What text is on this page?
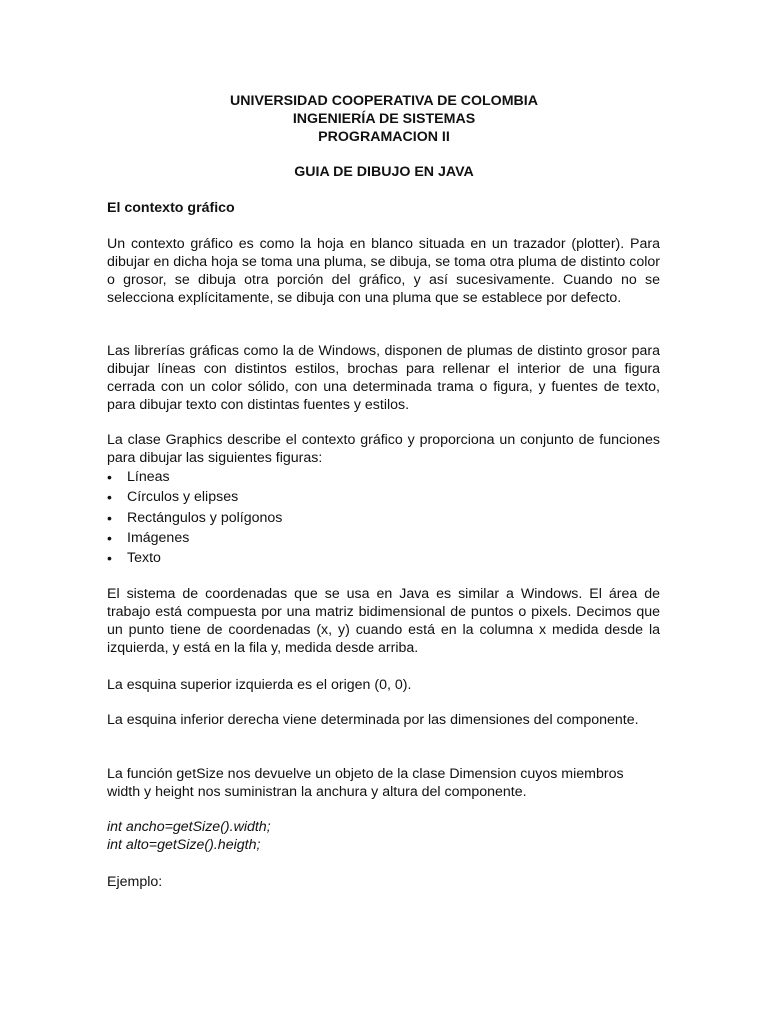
UNIVERSIDAD COOPERATIVA DE COLOMBIA
INGENIERÍA DE SISTEMAS
PROGRAMACION II
GUIA DE DIBUJO EN JAVA
El contexto gráfico

Un contexto gráfico es como la hoja en blanco situada en un trazador (plotter). Para dibujar en dicha hoja se toma una pluma, se dibuja, se toma otra pluma de distinto color o grosor, se dibuja otra porción del gráfico, y así sucesivamente. Cuando no se selecciona explícitamente, se dibuja con una pluma que se establece por defecto.

Las librerías gráficas como la de Windows, disponen de plumas de distinto grosor para dibujar líneas con distintos estilos, brochas para rellenar el interior de una figura cerrada con un color sólido, con una determinada trama o figura, y fuentes de texto, para dibujar texto con distintas fuentes y estilos.

La clase Graphics describe el contexto gráfico y proporciona un conjunto de funciones para dibujar las siguientes figuras:

• Líneas
• Círculos y elipses
• Rectángulos y polígonos
• Imágenes
• Texto

El sistema de coordenadas que se usa en Java es similar a Windows. El área de trabajo está compuesta por una matriz bidimensional de puntos o pixels. Decimos que un punto tiene de coordenadas (x, y) cuando está en la columna x medida desde la izquierda, y está en la fila y, medida desde arriba.

La esquina superior izquierda es el origen (0, 0).

La esquina inferior derecha viene determinada por las dimensiones del componente.

La función getSize nos devuelve un objeto de la clase Dimension cuyos miembros width y height nos suministran la anchura y altura del componente.

int ancho=getSize().width;
int alto=getSize().heigth;

Ejemplo:
